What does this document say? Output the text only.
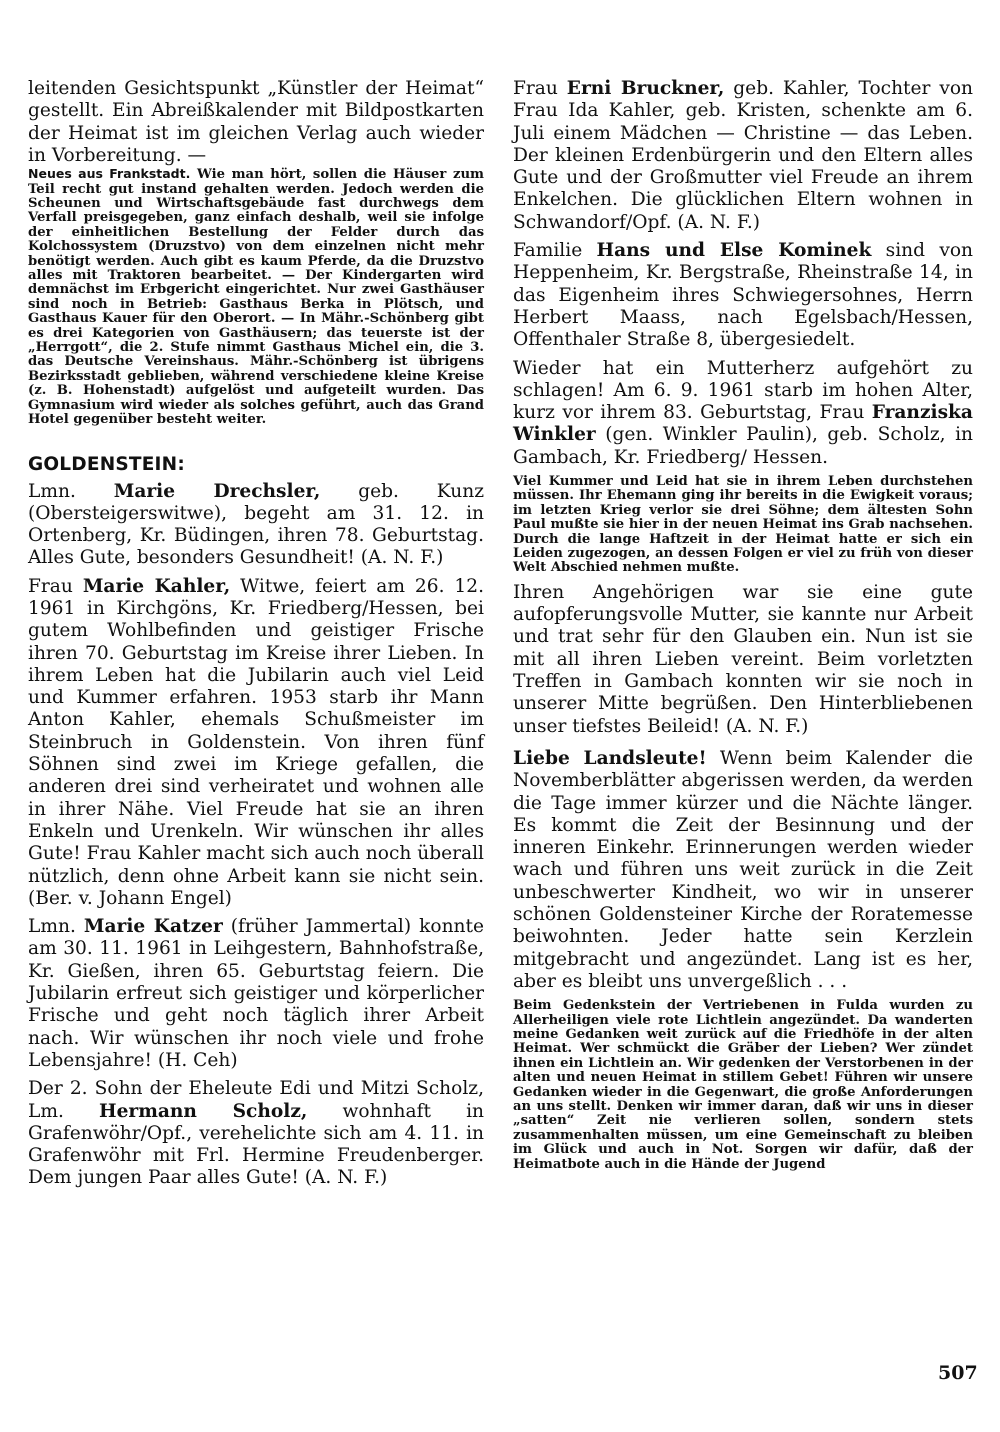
leitenden Gesichtspunkt „Künstler der Heimat“ gestellt. Ein Abreißkalender mit Bildpostkarten der Heimat ist im gleichen Verlag auch wieder in Vorbereitung. —

Neues aus Frankstadt. Wie man hört, sollen die Häuser zum Teil recht gut instand gehalten werden. Jedoch werden die Scheunen und Wirtschaftsgebäude fast durchwegs dem Verfall preisgegeben, ganz einfach deshalb, weil sie infolge der einheitlichen Bestellung der Felder durch das Kolchossystem (Druzstvo) von dem einzelnen nicht mehr benötigt werden. Auch gibt es kaum Pferde, da die Druzstvo alles mit Traktoren bearbeitet. — Der Kindergarten wird demnächst im Erbgericht eingerichtet. Nur zwei Gasthäuser sind noch in Betrieb: Gasthaus Berka in Plötsch, und Gasthaus Kauer für den Oberort. — In Mähr.-Schönberg gibt es drei Kategorien von Gasthäusern; das teuerste ist der „Herrgott“, die 2. Stufe nimmt Gasthaus Michel ein, die 3. das Deutsche Vereinshaus. Mähr.-Schönberg ist übrigens Bezirksstadt geblieben, während verschiedene kleine Kreise (z. B. Hohenstadt) aufgelöst und aufgeteilt wurden. Das Gymnasium wird wieder als solches geführt, auch das Grand Hotel gegenüber besteht weiter.

GOLDENSTEIN:

Lmn. Marie Drechsler, geb. Kunz (Obersteigerswitwe), begeht am 31. 12. in Ortenberg, Kr. Büdingen, ihren 78. Geburtstag. Alles Gute, besonders Gesundheit! (A. N. F.)

Frau Marie Kahler, Witwe, feiert am 26. 12. 1961 in Kirchgöns, Kr. Friedberg/Hessen, bei gutem Wohlbefinden und geistiger Frische ihren 70. Geburtstag im Kreise ihrer Lieben. In ihrem Leben hat die Jubilarin auch viel Leid und Kummer erfahren. 1953 starb ihr Mann Anton Kahler, ehemals Schußmeister im Steinbruch in Goldenstein. Von ihren fünf Söhnen sind zwei im Kriege gefallen, die anderen drei sind verheiratet und wohnen alle in ihrer Nähe. Viel Freude hat sie an ihren Enkeln und Urenkeln. Wir wünschen ihr alles Gute! Frau Kahler macht sich auch noch überall nützlich, denn ohne Arbeit kann sie nicht sein. (Ber. v. Johann Engel)

Lmn. Marie Katzer (früher Jammertal) konnte am 30. 11. 1961 in Leihgestern, Bahnhofstraße, Kr. Gießen, ihren 65. Geburtstag feiern. Die Jubilarin erfreut sich geistiger und körperlicher Frische und geht noch täglich ihrer Arbeit nach. Wir wünschen ihr noch viele und frohe Lebensjahre! (H. Ceh)

Der 2. Sohn der Eheleute Edi und Mitzi Scholz, Lm. Hermann Scholz, wohnhaft in Grafenwöhr/Opf., verehelichte sich am 4. 11. in Grafenwöhr mit Frl. Hermine Freudenberger. Dem jungen Paar alles Gute! (A. N. F.)

Frau Erni Bruckner, geb. Kahler, Tochter von Frau Ida Kahler, geb. Kristen, schenkte am 6. Juli einem Mädchen — Christine — das Leben. Der kleinen Erdenbürgerin und den Eltern alles Gute und der Großmutter viel Freude an ihrem Enkelchen. Die glücklichen Eltern wohnen in Schwandorf/Opf. (A. N. F.)

Familie Hans und Else Kominek sind von Heppenheim, Kr. Bergstraße, Rheinstraße 14, in das Eigenheim ihres Schwiegersohnes, Herrn Herbert Maass, nach Egelsbach/Hessen, Offenthaler Straße 8, übergesiedelt.

Wieder hat ein Mutterherz aufgehört zu schlagen! Am 6. 9. 1961 starb im hohen Alter, kurz vor ihrem 83. Geburtstag, Frau Franziska Winkler (gen. Winkler Paulin), geb. Scholz, in Gambach, Kr. Friedberg/ Hessen.

Viel Kummer und Leid hat sie in ihrem Leben durchstehen müssen. Ihr Ehemann ging ihr bereits in die Ewigkeit voraus; im letzten Krieg verlor sie drei Söhne; dem ältesten Sohn Paul mußte sie hier in der neuen Heimat ins Grab nachsehen. Durch die lange Haftzeit in der Heimat hatte er sich ein Leiden zugezogen, an dessen Folgen er viel zu früh von dieser Welt Abschied nehmen mußte.

Ihren Angehörigen war sie eine gute aufopferungsvolle Mutter, sie kannte nur Arbeit und trat sehr für den Glauben ein. Nun ist sie mit all ihren Lieben vereint. Beim vorletzten Treffen in Gambach konnten wir sie noch in unserer Mitte begrüßen. Den Hinterbliebenen unser tiefstes Beileid! (A. N. F.)

Liebe Landsleute! Wenn beim Kalender die Novemberblätter abgerissen werden, da werden die Tage immer kürzer und die Nächte länger. Es kommt die Zeit der Besinnung und der inneren Einkehr. Erinnerungen werden wieder wach und führen uns weit zurück in die Zeit unbeschwerter Kindheit, wo wir in unserer schönen Goldensteiner Kirche der Roratemesse beiwohnten. Jeder hatte sein Kerzlein mitgebracht und angezündet. Lang ist es her, aber es bleibt uns unvergeßlich . . .

Beim Gedenkstein der Vertriebenen in Fulda wurden zu Allerheiligen viele rote Lichtlein angezündet. Da wanderten meine Gedanken weit zurück auf die Friedhöfe in der alten Heimat. Wer schmückt die Gräber der Lieben? Wer zündet ihnen ein Lichtlein an. Wir gedenken der Verstorbenen in der alten und neuen Heimat in stillem Gebet! Führen wir unsere Gedanken wieder in die Gegenwart, die große Anforderungen an uns stellt. Denken wir immer daran, daß wir uns in dieser „satten“ Zeit nie verlieren sollen, sondern stets zusammenhalten müssen, um eine Gemeinschaft zu bleiben im Glück und auch in Not. Sorgen wir dafür, daß der Heimatbote auch in die Hände der Jugend

507
